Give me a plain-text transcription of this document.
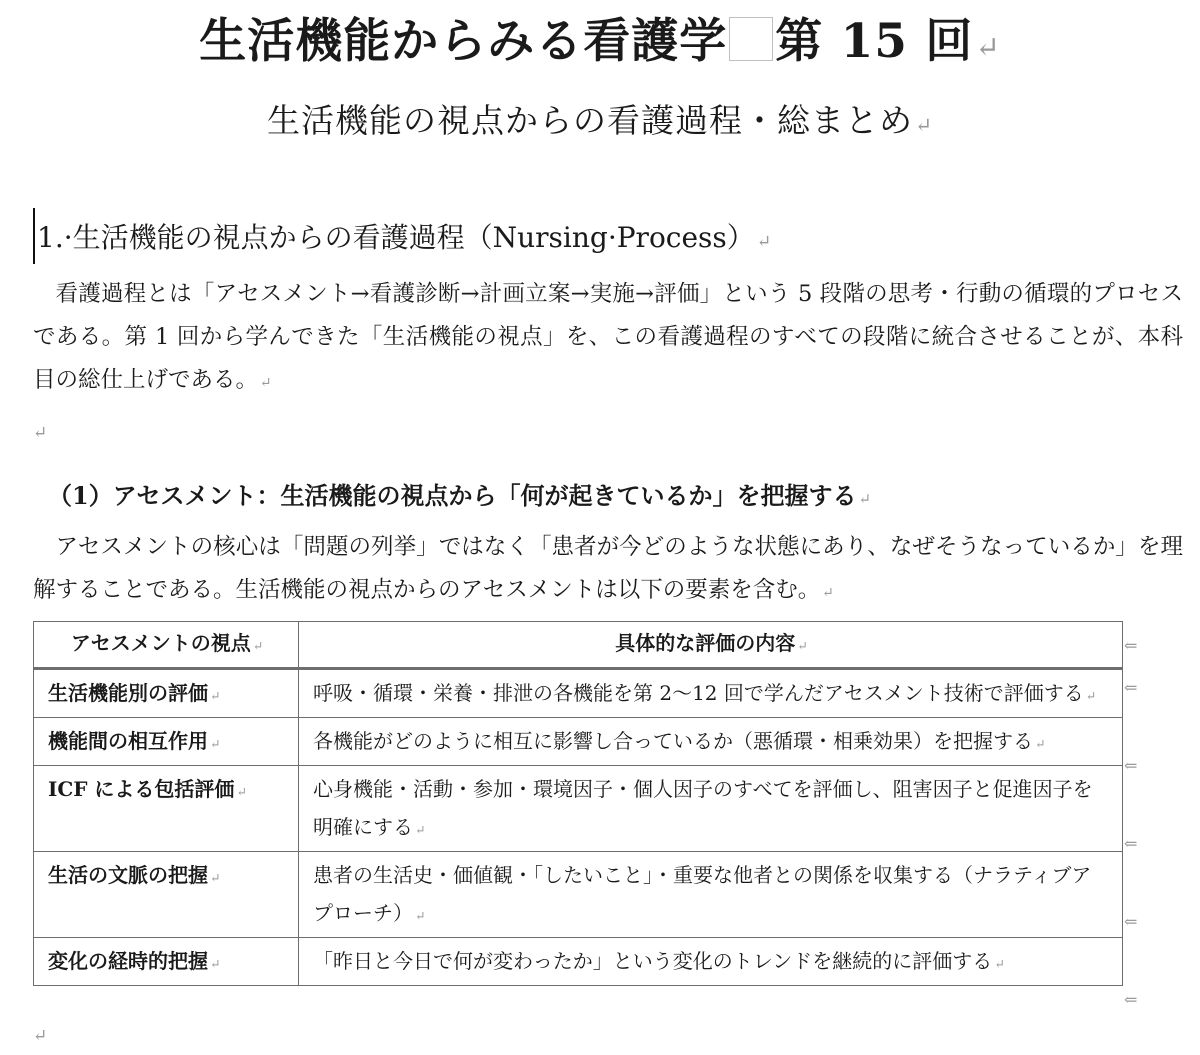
生活機能からみる看護学 第 15 回↵
生活機能の視点からの看護過程・総まとめ↵
1.·生活機能の視点からの看護過程（Nursing·Process） ↵

看護過程とは「アセスメント→看護診断→計画立案→実施→評価」という 5 段階の思考・行動の循環的プロセスである。第 1 回から学んできた「生活機能の視点」を、この看護過程のすべての段階に統合させることが、本科目の総仕上げである。 ↵

↵
（1）アセスメント：生活機能の視点から「何が起きているか」を把握する ↵

アセスメントの核心は「問題の列挙」ではなく「患者が今どのような状態にあり、なぜそうなっているか」を理解することである。生活機能の視点からのアセスメントは以下の要素を含む。 ↵

アセスメントの視点 ↵	具体的な評価の内容 ↵
生活機能別の評価 ↵	呼吸・循環・栄養・排泄の各機能を第 2～12 回で学んだアセスメント技術で評価する ↵
機能間の相互作用 ↵	各機能がどのように相互に影響し合っているか（悪循環・相乗効果）を把握する ↵
ICF による包括評価 ↵	心身機能・活動・参加・環境因子・個人因子のすべてを評価し、阻害因子と促進因子を明確にする ↵
生活の文脈の把握 ↵	患者の生活史・価値観・「したいこと」・重要な他者との関係を収集する（ナラティブアプローチ） ↵
変化の経時的把握 ↵	「昨日と今日で何が変わったか」という変化のトレンドを継続的に評価する ↵
⇐
⇐
⇐
⇐
⇐
⇐
↵
